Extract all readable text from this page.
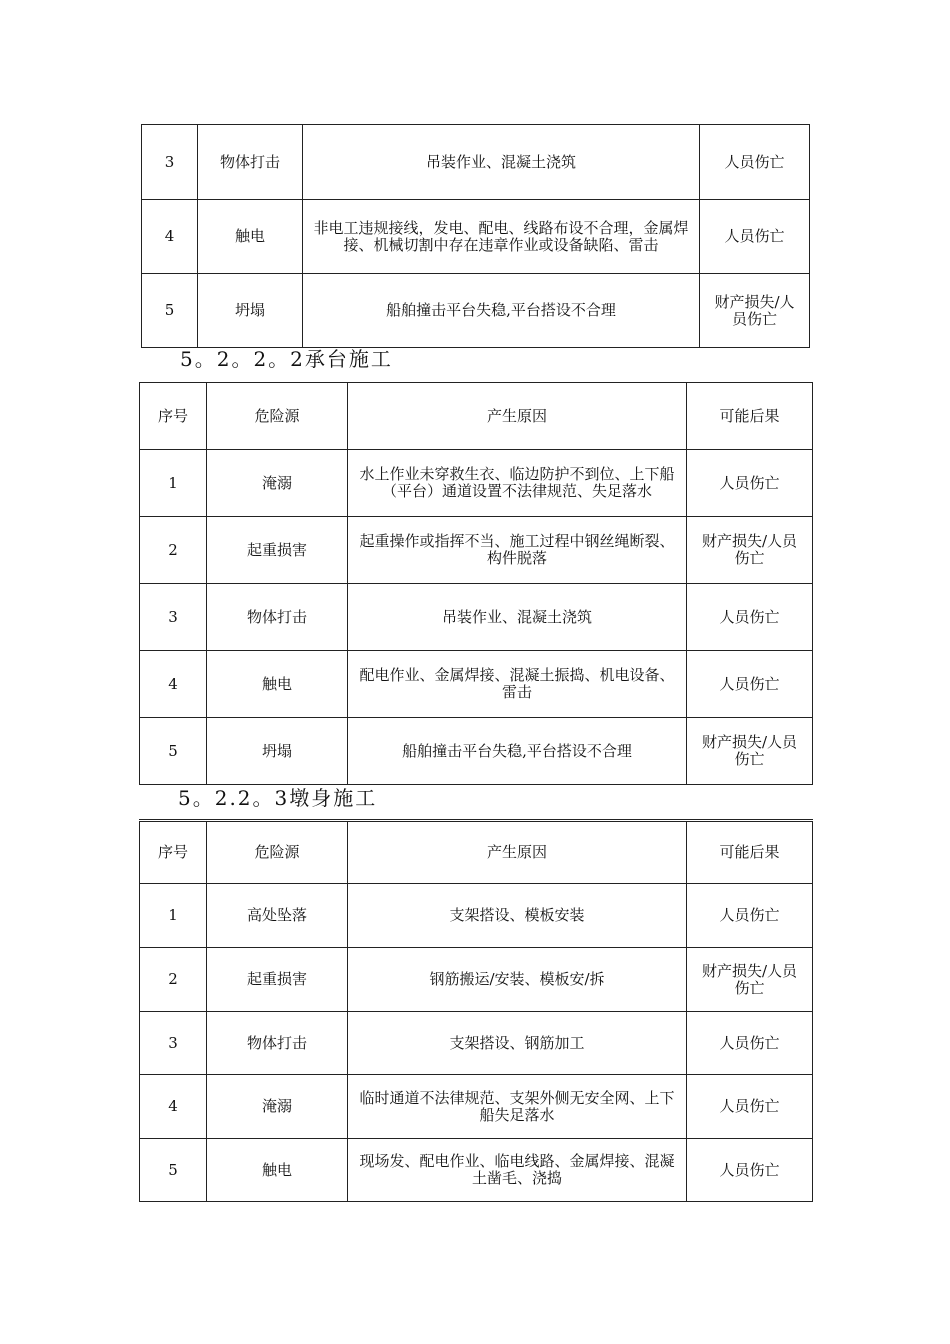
3	物体打击	吊装作业、混凝土浇筑	人员伤亡
4	触电	非电工违规接线，发电、配电、线路布设不合理，金属焊接、机械切割中存在违章作业或设备缺陷、雷击	人员伤亡
5	坍塌	船舶撞击平台失稳,平台搭设不合理	财产损失/人员伤亡
5。2。2。2承台施工
序号	危险源	产生原因	可能后果
1	淹溺	水上作业未穿救生衣、临边防护不到位、上下船（平台）通道设置不法律规范、失足落水	人员伤亡
2	起重损害	起重操作或指挥不当、施工过程中钢丝绳断裂、构件脱落	财产损失/人员伤亡
3	物体打击	吊装作业、混凝土浇筑	人员伤亡
4	触电	配电作业、金属焊接、混凝土振捣、机电设备、雷击	人员伤亡
5	坍塌	船舶撞击平台失稳,平台搭设不合理	财产损失/人员伤亡
5。2.2。3墩身施工
序号	危险源	产生原因	可能后果
1	高处坠落	支架搭设、模板安装	人员伤亡
2	起重损害	钢筋搬运/安装、模板安/拆	财产损失/人员伤亡
3	物体打击	支架搭设、钢筋加工	人员伤亡
4	淹溺	临时通道不法律规范、支架外侧无安全网、上下船失足落水	人员伤亡
5	触电	现场发、配电作业、临电线路、金属焊接、混凝土凿毛、浇捣	人员伤亡
